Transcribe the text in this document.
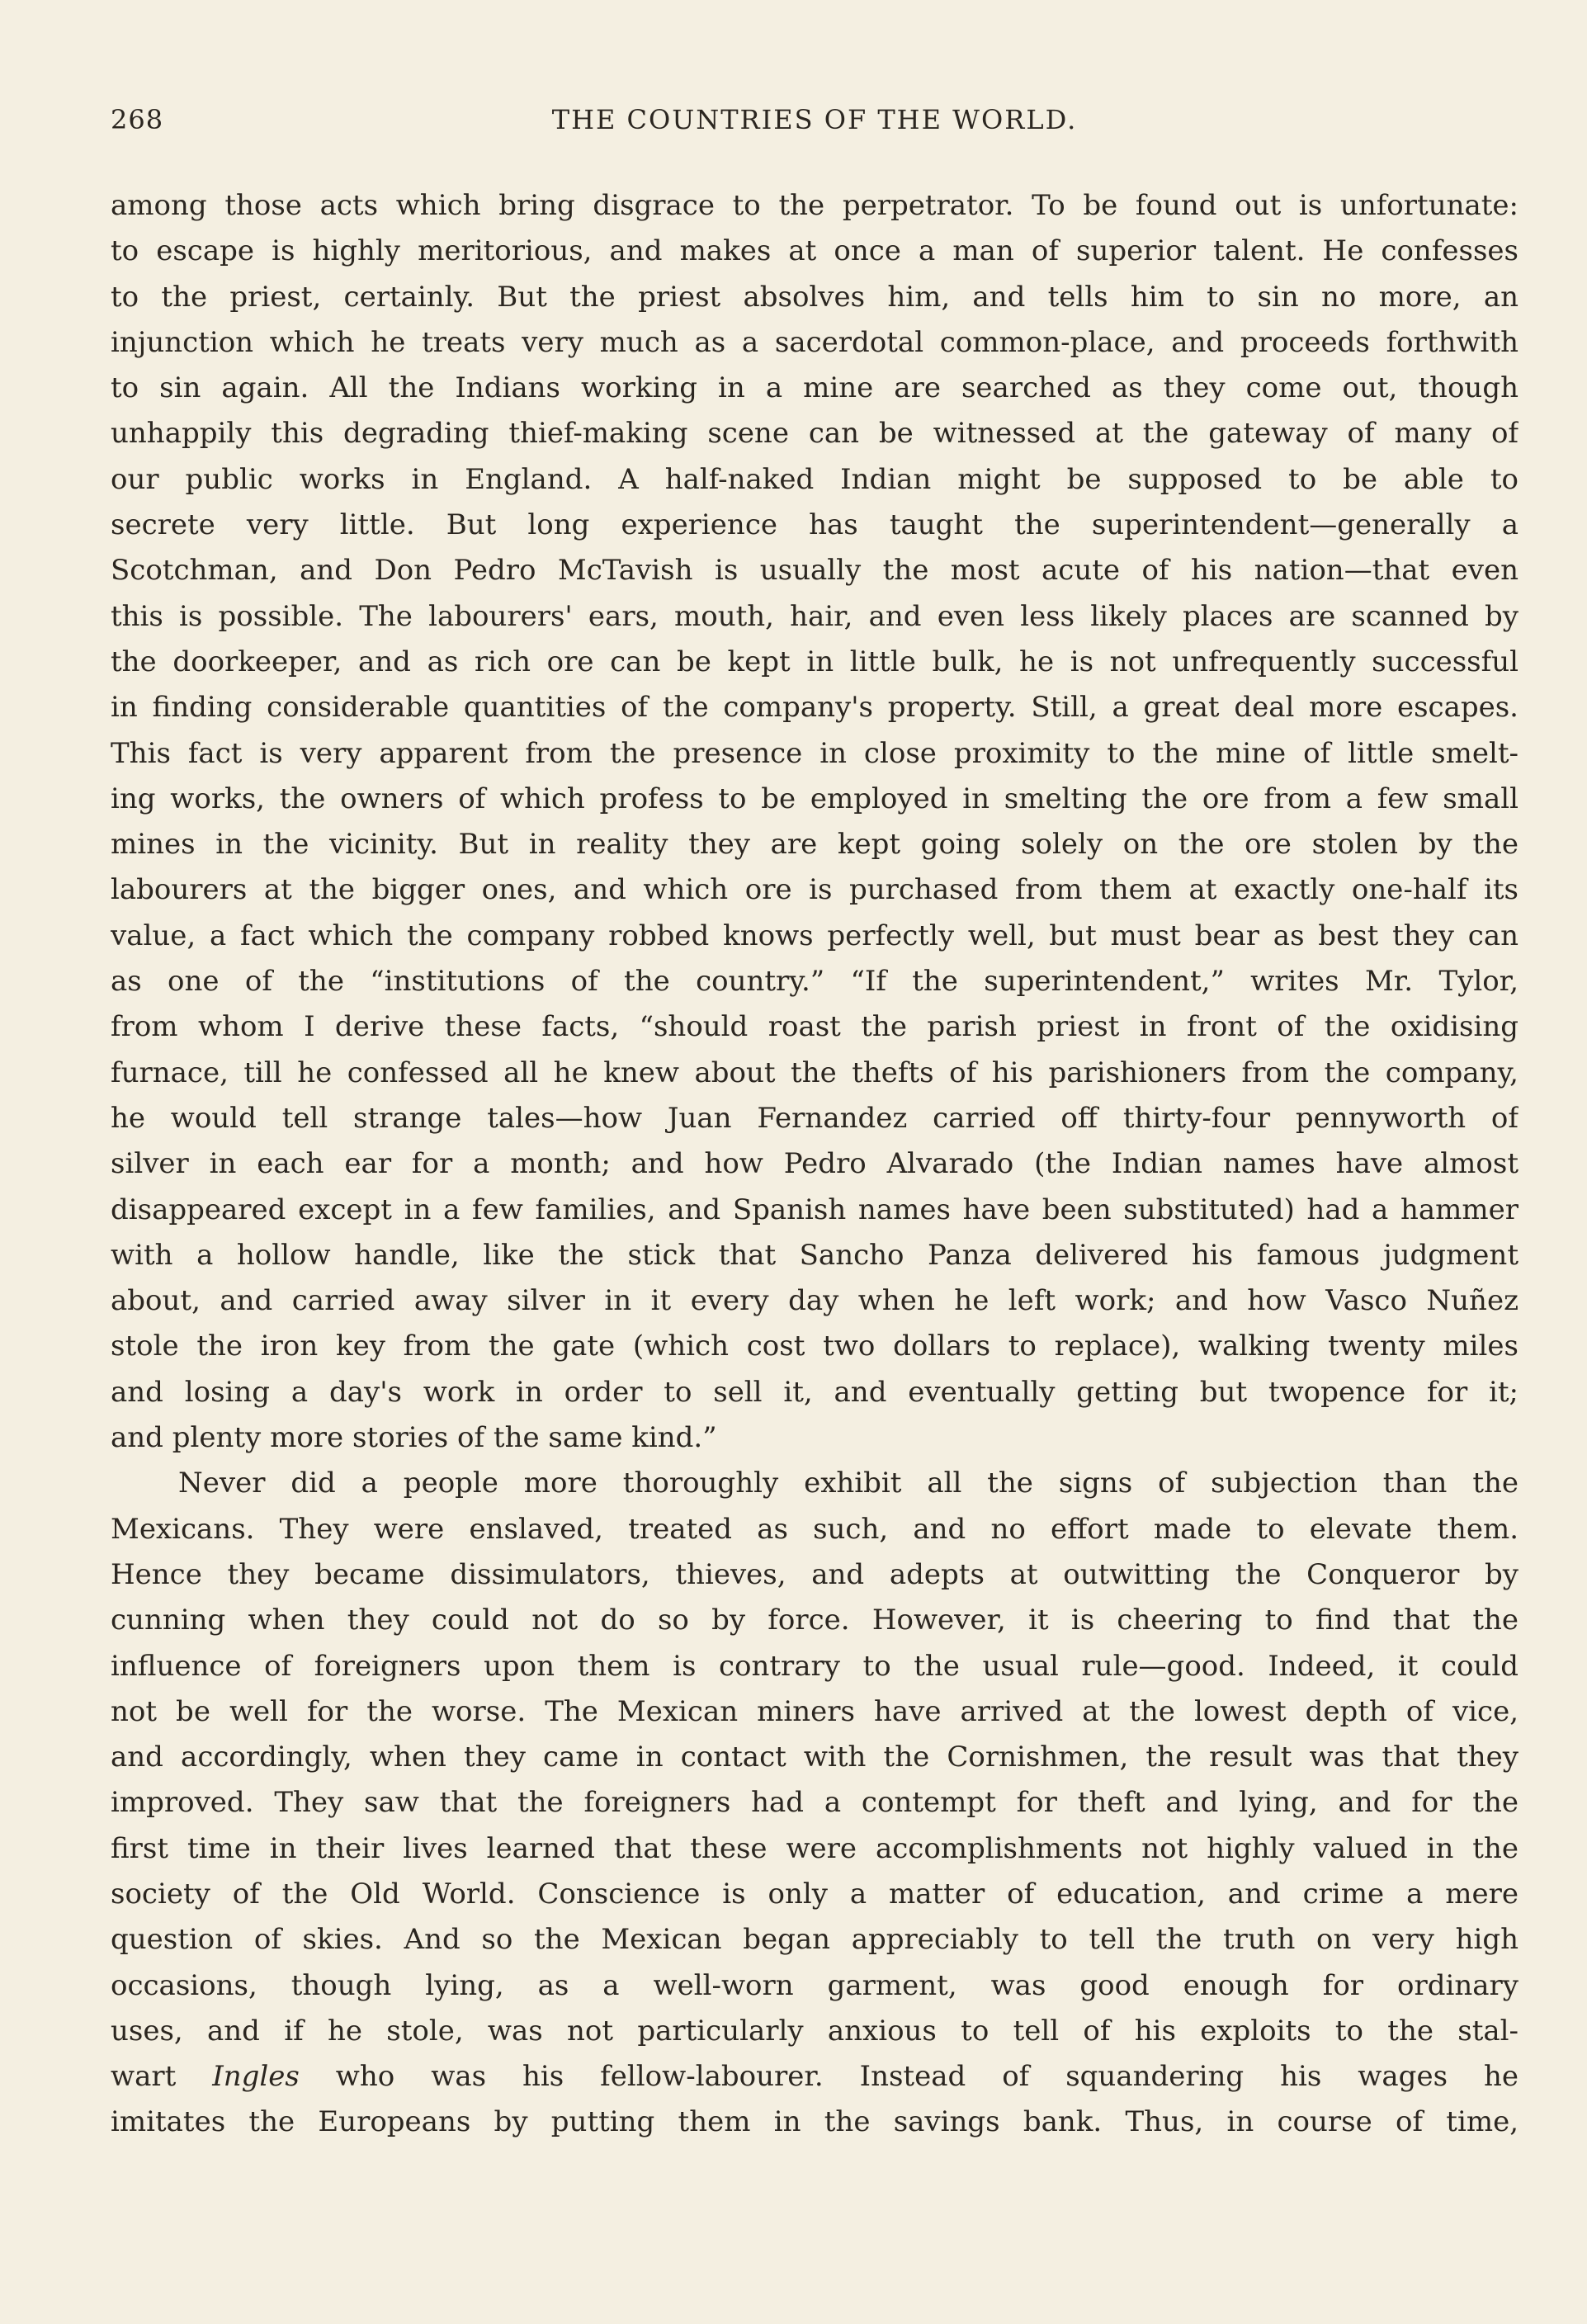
268	THE COUNTRIES OF THE WORLD.
among those acts which bring disgrace to the perpetrator. To be found out is unfortunate:
to escape is highly meritorious, and makes at once a man of superior talent. He confesses
to the priest, certainly. But the priest absolves him, and tells him to sin no more, an
injunction which he treats very much as a sacerdotal common-place, and proceeds forthwith
to sin again. All the Indians working in a mine are searched as they come out, though
unhappily this degrading thief-making scene can be witnessed at the gateway of many of
our public works in England. A half-naked Indian might be supposed to be able to
secrete very little. But long experience has taught the superintendent—generally a
Scotchman, and Don Pedro McTavish is usually the most acute of his nation—that even
this is possible. The labourers' ears, mouth, hair, and even less likely places are scanned by
the doorkeeper, and as rich ore can be kept in little bulk, he is not unfrequently successful
in finding considerable quantities of the company's property. Still, a great deal more escapes.
This fact is very apparent from the presence in close proximity to the mine of little smelt-
ing works, the owners of which profess to be employed in smelting the ore from a few small
mines in the vicinity. But in reality they are kept going solely on the ore stolen by the
labourers at the bigger ones, and which ore is purchased from them at exactly one-half its
value, a fact which the company robbed knows perfectly well, but must bear as best they can
as one of the “institutions of the country.” “If the superintendent,” writes Mr. Tylor,
from whom I derive these facts, “should roast the parish priest in front of the oxidising
furnace, till he confessed all he knew about the thefts of his parishioners from the company,
he would tell strange tales—how Juan Fernandez carried off thirty-four pennyworth of
silver in each ear for a month; and how Pedro Alvarado (the Indian names have almost
disappeared except in a few families, and Spanish names have been substituted) had a hammer
with a hollow handle, like the stick that Sancho Panza delivered his famous judgment
about, and carried away silver in it every day when he left work; and how Vasco Nuñez
stole the iron key from the gate (which cost two dollars to replace), walking twenty miles
and losing a day's work in order to sell it, and eventually getting but twopence for it;
and plenty more stories of the same kind.”
Never did a people more thoroughly exhibit all the signs of subjection than the
Mexicans. They were enslaved, treated as such, and no effort made to elevate them.
Hence they became dissimulators, thieves, and adepts at outwitting the Conqueror by
cunning when they could not do so by force. However, it is cheering to find that the
influence of foreigners upon them is contrary to the usual rule—good. Indeed, it could
not be well for the worse. The Mexican miners have arrived at the lowest depth of vice,
and accordingly, when they came in contact with the Cornishmen, the result was that they
improved. They saw that the foreigners had a contempt for theft and lying, and for the
first time in their lives learned that these were accomplishments not highly valued in the
society of the Old World. Conscience is only a matter of education, and crime a mere
question of skies. And so the Mexican began appreciably to tell the truth on very high
occasions, though lying, as a well-worn garment, was good enough for ordinary
uses, and if he stole, was not particularly anxious to tell of his exploits to the stal-
wart Ingles who was his fellow-labourer. Instead of squandering his wages he
imitates the Europeans by putting them in the savings bank. Thus, in course of time,
